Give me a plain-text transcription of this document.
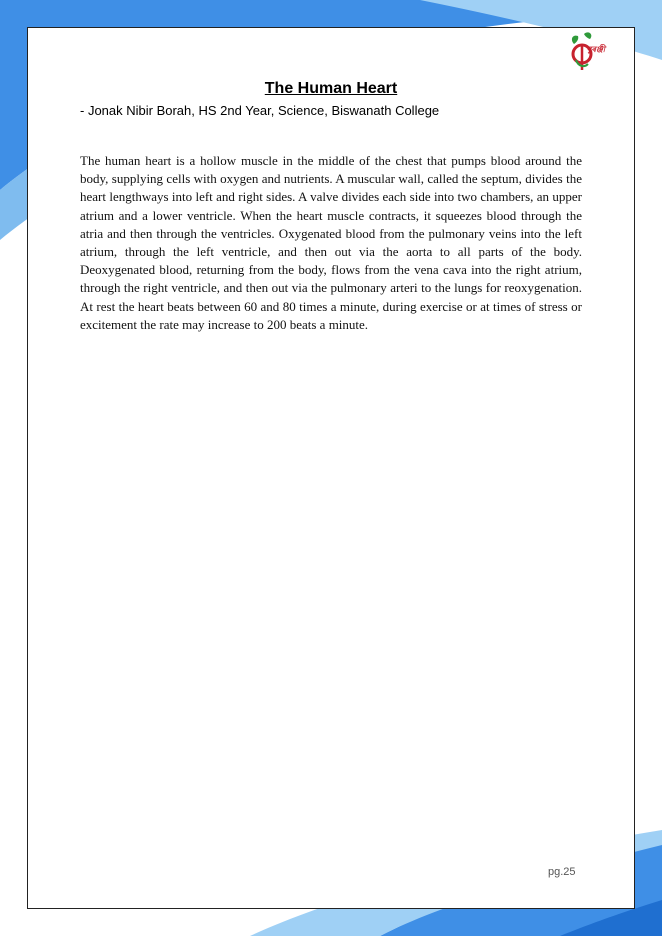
বুৰঞ্জী
The Human Heart
- Jonak Nibir Borah, HS 2nd Year, Science, Biswanath College

The human heart is a hollow muscle in the middle of the chest that pumps blood around the body, supplying cells with oxygen and nutrients. A muscular wall, called the septum, divides the heart lengthways into left and right sides. A valve divides each side into two chambers, an upper atrium and a lower ventricle. When the heart muscle contracts, it squeezes blood through the atria and then through the ventricles. Oxygenated blood from the pulmonary veins into the left atrium, through the left ventricle, and then out via the aorta to all parts of the body. Deoxygenated blood, returning from the body, flows from the vena cava into the right atrium, through the right ventricle, and then out via the pulmonary arteri to the lungs for reoxygenation. At rest the heart beats between 60 and 80 times a minute, during exercise or at times of stress or excitement the rate may increase to 200 beats a minute.

pg.25
